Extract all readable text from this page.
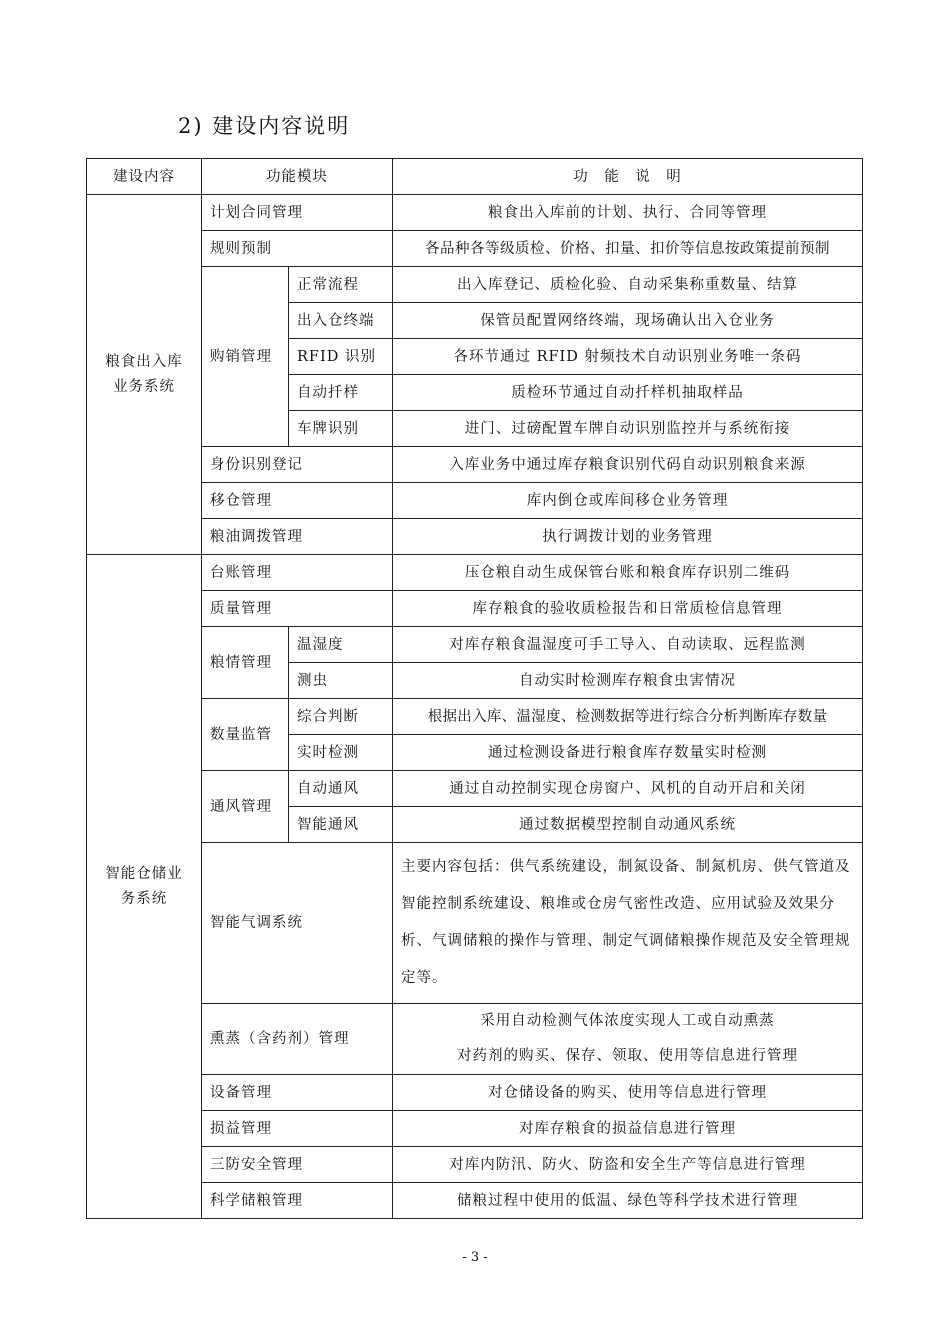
2) 建设内容说明
建设内容	功能模块		功　能　说　明
粮食出入库
业务系统	计划合同管理		粮食出入库前的计划、执行、合同等管理
	规则预制		各品种各等级质检、价格、扣量、扣价等信息按政策提前预制
	购销管理	正常流程	出入库登记、质检化验、自动采集称重数量、结算
		出入仓终端	保管员配置网络终端，现场确认出入仓业务
		RFID 识别	各环节通过 RFID 射频技术自动识别业务唯一条码
		自动扦样	质检环节通过自动扦样机抽取样品
		车牌识别	进门、过磅配置车牌自动识别监控并与系统衔接
	身份识别登记		入库业务中通过库存粮食识别代码自动识别粮食来源
	移仓管理		库内倒仓或库间移仓业务管理
	粮油调拨管理		执行调拨计划的业务管理
智能仓储业
务系统	台账管理		压仓粮自动生成保管台账和粮食库存识别二维码
	质量管理		库存粮食的验收质检报告和日常质检信息管理
	粮情管理	温湿度	对库存粮食温湿度可手工导入、自动读取、远程监测
		测虫	自动实时检测库存粮食虫害情况
	数量监管	综合判断	根据出入库、温湿度、检测数据等进行综合分析判断库存数量
		实时检测	通过检测设备进行粮食库存数量实时检测
	通风管理	自动通风	通过自动控制实现仓房窗户、风机的自动开启和关闭
		智能通风	通过数据模型控制自动通风系统
	智能气调系统		主要内容包括：供气系统建设，制氮设备、制氮机房、供气管道及智能控制系统建设、粮堆或仓房气密性改造、应用试验及效果分析、气调储粮的操作与管理、制定气调储粮操作规范及安全管理规定等。
	熏蒸（含药剂）管理		采用自动检测气体浓度实现人工或自动熏蒸
对药剂的购买、保存、领取、使用等信息进行管理

	设备管理		对仓储设备的购买、使用等信息进行管理
	损益管理		对库存粮食的损益信息进行管理
	三防安全管理		对库内防汛、防火、防盗和安全生产等信息进行管理
	科学储粮管理		储粮过程中使用的低温、绿色等科学技术进行管理
- 3 -
